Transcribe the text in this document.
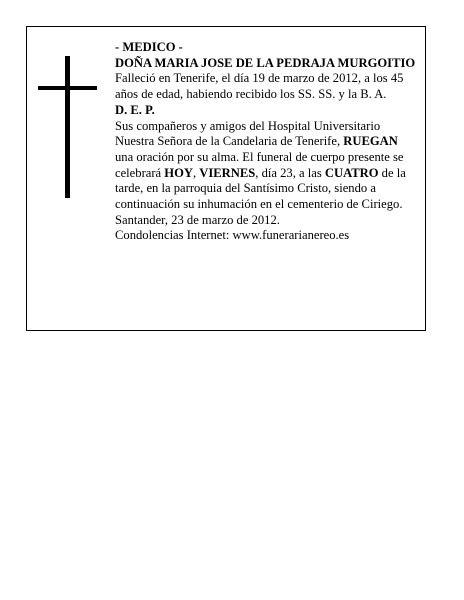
- MEDICO -

DOÑA MARIA JOSE DE LA PEDRAJA MURGOITIO

Falleció en Tenerife, el día 19 de marzo de 2012, a los 45 años de edad, habiendo recibido los SS. SS. y la B. A.

D. E. P.

Sus compañeros y amigos del Hospital Universitario Nuestra Señora de la Candelaria de Tenerife, RUEGAN una oración por su alma. El funeral de cuerpo presente se celebrará HOY, VIERNES, día 23, a las CUATRO de la tarde, en la parroquia del Santísimo Cristo, siendo a continuación su inhumación en el cementerio de Ciriego.

Santander, 23 de marzo de 2012.

Condolencias Internet: www.funerarianereo.es
